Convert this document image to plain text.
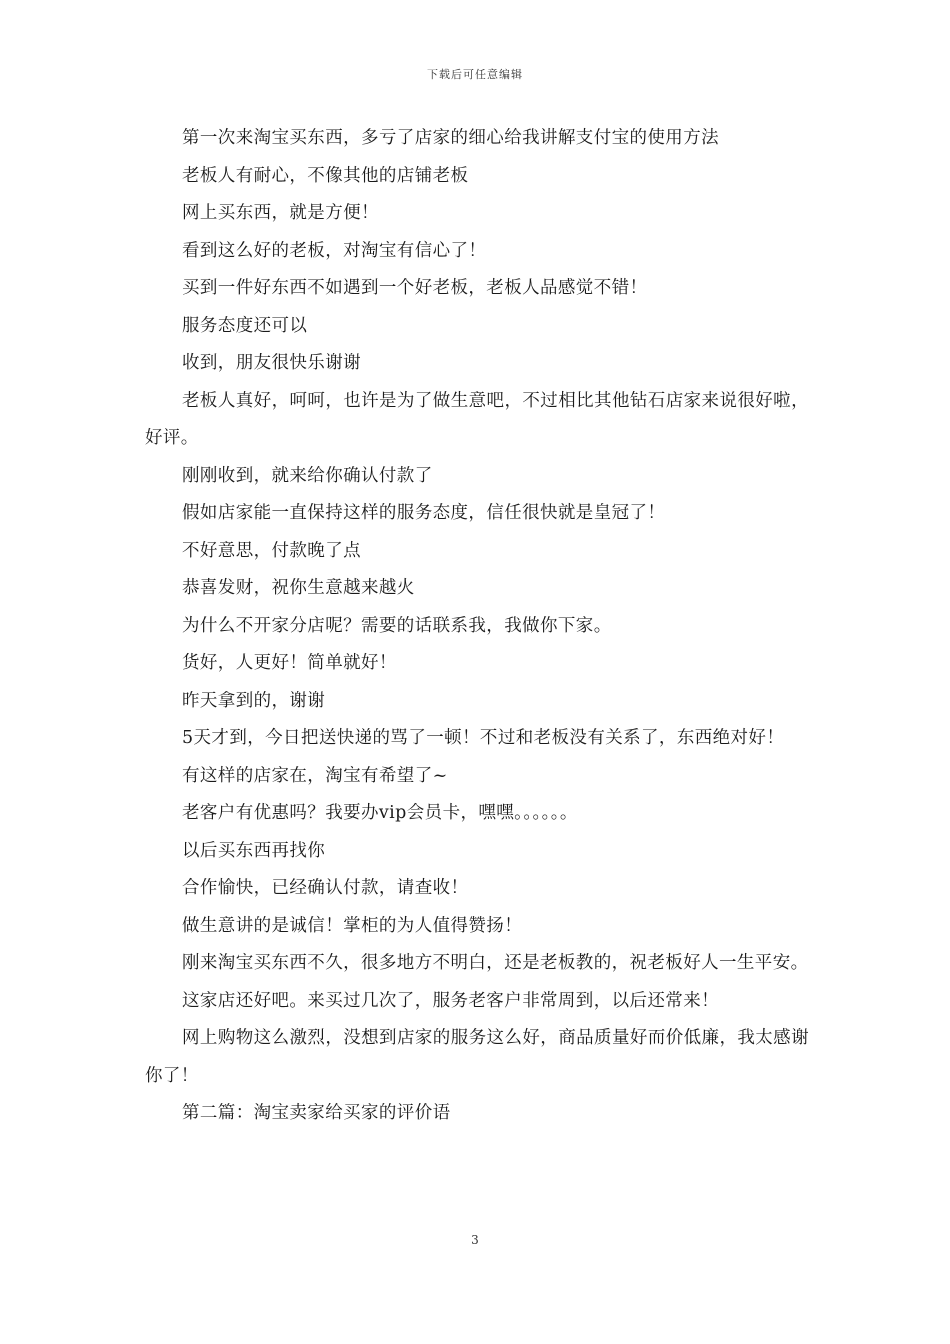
下载后可任意编辑

第一次来淘宝买东西，多亏了店家的细心给我讲解支付宝的使用方法

老板人有耐心，不像其他的店铺老板

网上买东西，就是方便！

看到这么好的老板，对淘宝有信心了！

买到一件好东西不如遇到一个好老板，老板人品感觉不错！

服务态度还可以

收到，朋友很快乐谢谢

老板人真好，呵呵，也许是为了做生意吧，不过相比其他钻石店家来说很好啦，好评。

刚刚收到，就来给你确认付款了

假如店家能一直保持这样的服务态度，信任很快就是皇冠了！

不好意思，付款晚了点

恭喜发财，祝你生意越来越火

为什么不开家分店呢？需要的话联系我，我做你下家。

货好，人更好！简单就好！

昨天拿到的，谢谢

5天才到，今日把送快递的骂了一顿！不过和老板没有关系了，东西绝对好！

有这样的店家在，淘宝有希望了~

老客户有优惠吗？我要办vip会员卡，嘿嘿。。。。。。

以后买东西再找你

合作愉快，已经确认付款，请查收！

做生意讲的是诚信！掌柜的为人值得赞扬！

刚来淘宝买东西不久，很多地方不明白，还是老板教的，祝老板好人一生平安。

这家店还好吧。来买过几次了，服务老客户非常周到，以后还常来！

网上购物这么激烈，没想到店家的服务这么好，商品质量好而价低廉，我太感谢你了！

第二篇：淘宝卖家给买家的评价语

3
